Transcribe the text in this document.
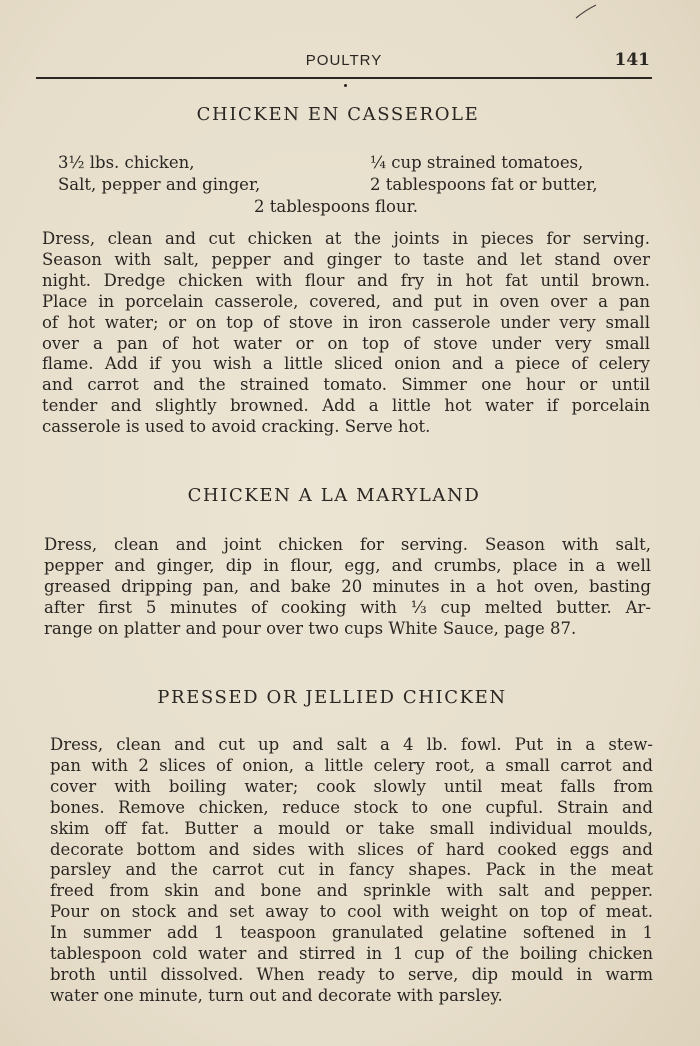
POULTRY	141
CHICKEN EN CASSEROLE
3½ lbs. chicken,	¼ cup strained tomatoes,
Salt, pepper and ginger,	2 tablespoons fat or butter,
2 tablespoons flour.
Dress, clean and cut chicken at the joints in pieces for serving.
Season with salt, pepper and ginger to taste and let stand over
night. Dredge chicken with flour and fry in hot fat until brown.
Place in porcelain casserole, covered, and put in oven over a pan
of hot water; or on top of stove in iron casserole under very small
over a pan of hot water or on top of stove under very small
flame. Add if you wish a little sliced onion and a piece of celery
and carrot and the strained tomato. Simmer one hour or until
tender and slightly browned. Add a little hot water if porcelain
casserole is used to avoid cracking. Serve hot.
CHICKEN A LA MARYLAND
Dress, clean and joint chicken for serving. Season with salt,
pepper and ginger, dip in flour, egg, and crumbs, place in a well
greased dripping pan, and bake 20 minutes in a hot oven, basting
after first 5 minutes of cooking with ⅓ cup melted butter. Ar-
range on platter and pour over two cups White Sauce, page 87.
PRESSED OR JELLIED CHICKEN
Dress, clean and cut up and salt a 4 lb. fowl. Put in a stew-
pan with 2 slices of onion, a little celery root, a small carrot and
cover with boiling water; cook slowly until meat falls from
bones. Remove chicken, reduce stock to one cupful. Strain and
skim off fat. Butter a mould or take small individual moulds,
decorate bottom and sides with slices of hard cooked eggs and
parsley and the carrot cut in fancy shapes. Pack in the meat
freed from skin and bone and sprinkle with salt and pepper.
Pour on stock and set away to cool with weight on top of meat.
In summer add 1 teaspoon granulated gelatine softened in 1
tablespoon cold water and stirred in 1 cup of the boiling chicken
broth until dissolved. When ready to serve, dip mould in warm
water one minute, turn out and decorate with parsley.
